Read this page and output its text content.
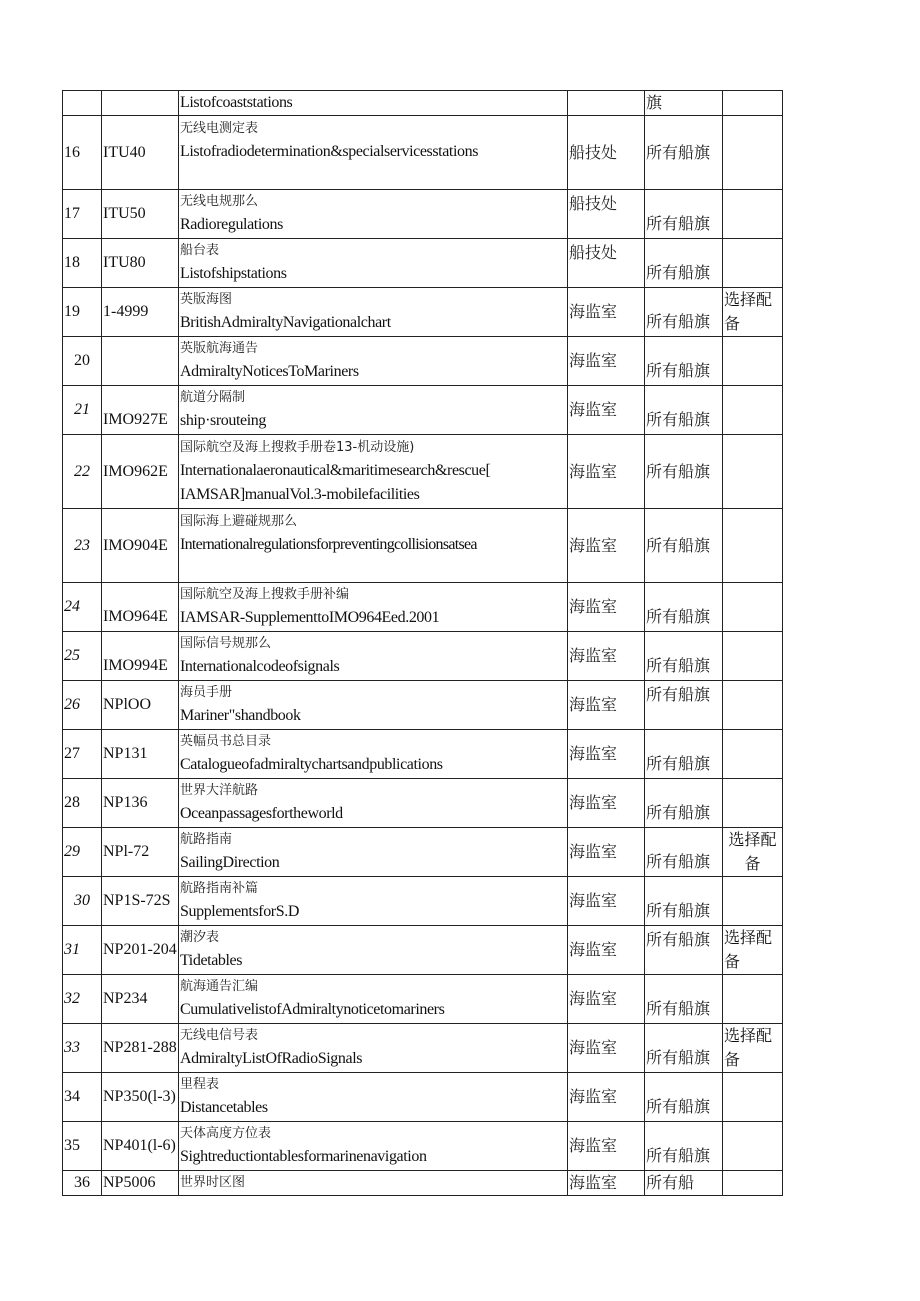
		Listofcoaststations		旗	
16	ITU40	无线电测定表
Listofradiodetermination&specialservicesstations	船技处	所有船旗	
17	ITU50	无线电规那么
Radioregulations	船技处	所有船旗	
18	ITU80	船台表
Listofshipstations	船技处	所有船旗	
19	1-4999	英版海图
BritishAdmiraltyNavigationalchart	海监室	所有船旗	选择配备
20		英版航海通告
AdmiraltyNoticesToMariners	海监室	所有船旗	
21	IMO927E	航道分隔制
ship·srouteing	海监室	所有船旗	
22	IMO962E	国际航空及海上搜救手册卷13-机动设施)
Internationalaeronautical&maritimesearch&rescue[
IAMSAR]manualVol.3-mobilefacilities	海监室	所有船旗	
23	IMO904E	国际海上避碰规那么
Internationalregulationsforpreventingcollisionsatsea	海监室	所有船旗	
24	IMO964E	国际航空及海上搜救手册补编
IAMSAR-SupplementtoIMO964Eed.2001	海监室	所有船旗	
25	IMO994E	国际信号规那么
Internationalcodeofsignals	海监室	所有船旗	
26	NPlOO	海员手册
Mariner"shandbook	海监室	所有船旗	
27	NP131	英幅员书总目录
Catalogueofadmiraltychartsandpublications	海监室	所有船旗	
28	NP136	世界大洋航路
Oceanpassagesfortheworld	海监室	所有船旗	
29	NPl-72	航路指南
SailingDirection	海监室	所有船旗	选择配备
30	NP1S-72S	航路指南补篇
SupplementsforS.D	海监室	所有船旗	
31	NP201-204	潮汐表
Tidetables	海监室	所有船旗	选择配备
32	NP234	航海通告汇编
CumulativelistofAdmiraltynoticetomariners	海监室	所有船旗	
33	NP281-288	无线电信号表
AdmiraltyListOfRadioSignals	海监室	所有船旗	选择配备
34	NP350(l-3)	里程表
Distancetables	海监室	所有船旗	
35	NP401(l-6)	天体高度方位表
Sightreductiontablesformarinenavigation	海监室	所有船旗	
36	NP5006	世界时区图	海监室	所有船	
